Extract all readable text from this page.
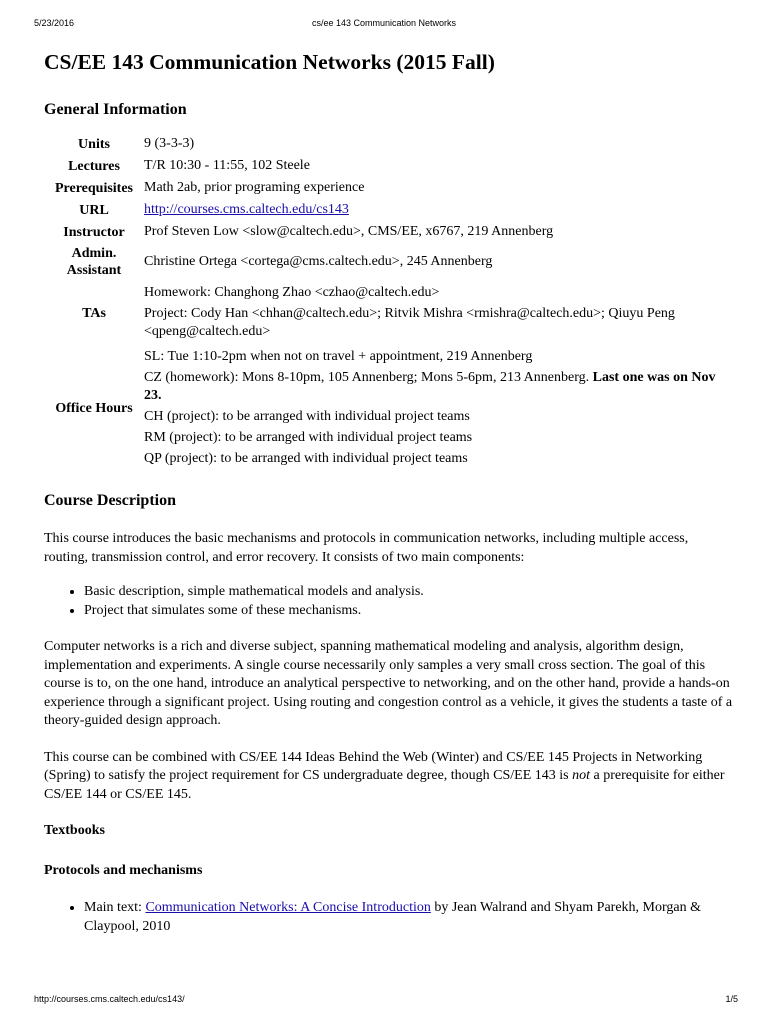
5/23/2016	cs/ee 143 Communication Networks
CS/EE 143 Communication Networks (2015 Fall)
General Information
Units	9 (3-3-3)
Lectures	T/R 10:30 - 11:55, 102 Steele
Prerequisites	Math 2ab, prior programing experience
URL	http://courses.cms.caltech.edu/cs143
Instructor	Prof Steven Low <slow@caltech.edu>, CMS/EE, x6767, 219 Annenberg
Admin.
Assistant	Christine Ortega <cortega@cms.caltech.edu>, 245 Annenberg
TAs	Homework: Changhong Zhao <czhao@caltech.edu>
Project: Cody Han <chhan@caltech.edu>; Ritvik Mishra <rmishra@caltech.edu>; Qiuyu Peng <qpeng@caltech.edu>

Office Hours	SL: Tue 1:10-2pm when not on travel + appointment, 219 Annenberg
CZ (homework): Mons 8-10pm, 105 Annenberg; Mons 5-6pm, 213 Annenberg. Last one was on Nov 23.
CH (project): to be arranged with individual project teams
RM (project): to be arranged with individual project teams
QP (project): to be arranged with individual project teams
Course Description

This course introduces the basic mechanisms and protocols in communication networks, including multiple access, routing, transmission control, and error recovery. It consists of two main components:

• Basic description, simple mathematical models and analysis.
• Project that simulates some of these mechanisms.

Computer networks is a rich and diverse subject, spanning mathematical modeling and analysis, algorithm design, implementation and experiments. A single course necessarily only samples a very small cross section. The goal of this course is to, on the one hand, introduce an analytical perspective to networking, and on the other hand, provide a hands-on experience through a significant project. Using routing and congestion control as a vehicle, it gives the students a taste of a theory-guided design approach.

This course can be combined with CS/EE 144 Ideas Behind the Web (Winter) and CS/EE 145 Projects in Networking (Spring) to satisfy the project requirement for CS undergraduate degree, though CS/EE 143 is not a prerequisite for either CS/EE 144 or CS/EE 145.

Textbooks
Protocols and mechanisms
• Main text: Communication Networks: A Concise Introduction by Jean Walrand and Shyam Parekh, Morgan & Claypool, 2010
http://courses.cms.caltech.edu/cs143/	1/5
